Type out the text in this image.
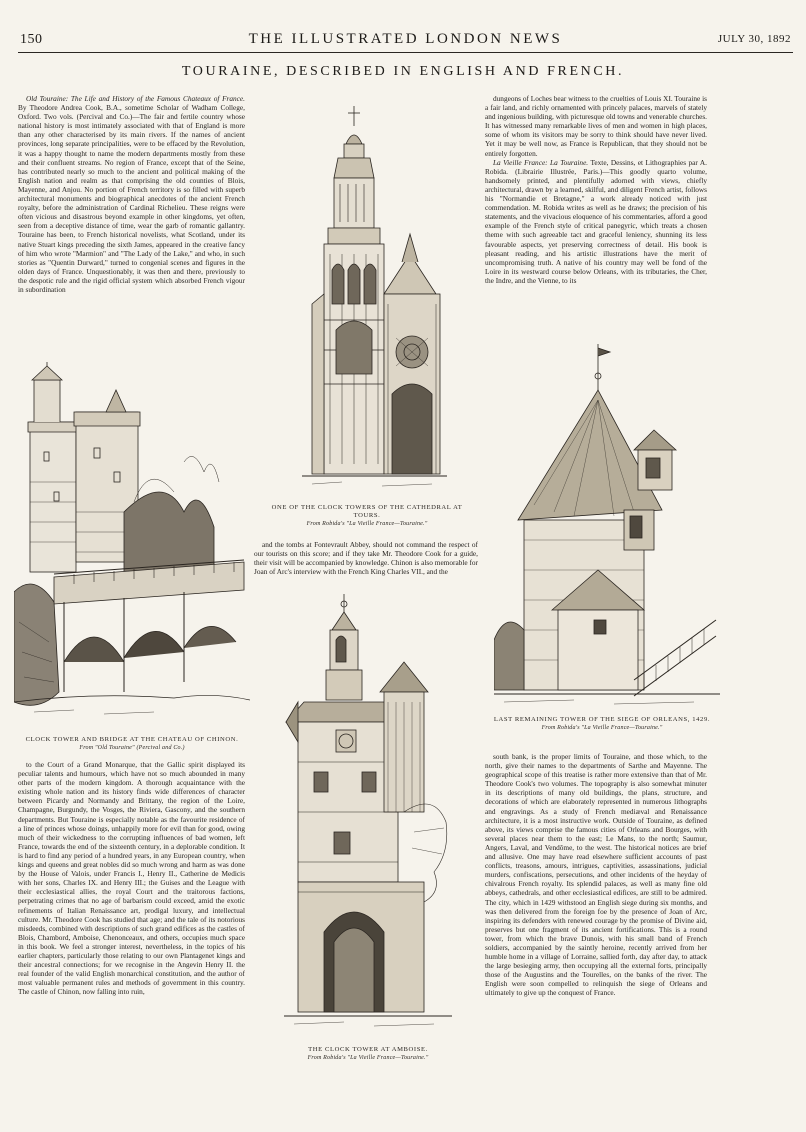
150	THE ILLUSTRATED LONDON NEWS	JULY 30, 1892
TOURAINE, DESCRIBED IN ENGLISH AND FRENCH.

Old Touraine: The Life and History of the Famous Chateaux of France. By Theodore Andrea Cook, B.A., sometime Scholar of Wadham College, Oxford. Two vols. (Percival and Co.)—The fair and fertile country whose national history is most intimately associated with that of England is more than any other characterised by its main rivers. If the names of ancient provinces, long separate principalities, were to be effaced by the Revolution, it was a happy thought to name the modern departments mostly from these and their confluent streams. No region of France, except that of the Seine, has contributed nearly so much to the ancient and political making of the English nation and realm as that comprising the old counties of Blois, Mayenne, and Anjou. No portion of French territory is so filled with superb architectural monuments and biographical anecdotes of the ancient French royalty, before the administration of Cardinal Richelieu. These reigns were often vicious and disastrous beyond example in other kingdoms, yet often, seen from a deceptive distance of time, wear the garb of romantic gallantry. Touraine has been, to French historical novelists, what Scotland, under its native Stuart kings preceding the sixth James, appeared in the creative fancy of him who wrote "Marmion" and "The Lady of the Lake," and who, in such stories as "Quentin Durward," turned to congenial scenes and figures in the olden days of France. Unquestionably, it was then and there, previously to the despotic rule and the rigid official system which absorbed French vigour in subordination

CLOCK TOWER AND BRIDGE AT THE CHATEAU OF CHINON.
From "Old Touraine" (Percival and Co.)

to the Court of a Grand Monarque, that the Gallic spirit displayed its peculiar talents and humours, which have not so much abounded in many other parts of the modern kingdom. A thorough acquaintance with the existing whole nation and its history finds wide differences of character between Picardy and Normandy and Brittany, the region of the Loire, Champagne, Burgundy, the Vosges, the Riviera, Gascony, and the southern departments. But Touraine is especially notable as the favourite residence of a line of princes whose doings, unhappily more for evil than for good, owing much of their wickedness to the corrupting influences of bad women, left France, towards the end of the sixteenth century, in a deplorable condition. It is hard to find any period of a hundred years, in any European country, when kings and queens and great nobles did so much wrong and harm as was done by the House of Valois, under Francis I., Henry II., Catherine de Medicis with her sons, Charles IX. and Henry III.; the Guises and the League with their ecclesiastical allies, the royal Court and the traitorous factions, perpetrating crimes that no age of barbarism could exceed, amid the exotic refinements of Italian Renaissance art, prodigal luxury, and intellectual culture. Mr. Theodore Cook has studied that age; and the tale of its notorious misdeeds, combined with descriptions of such grand edifices as the castles of Blois, Chambord, Amboise, Chenonceaux, and others, occupies much space in this book. We feel a stronger interest, nevertheless, in the topics of his earlier chapters, particularly those relating to our own Plantagenet kings and their ancestral connections; for we recognise in the Angevin Henry II. the real founder of the valid English monarchical constitution, and the author of most valuable permanent rules and methods of government in this country. The castle of Chinon, now falling into ruin,

ONE OF THE CLOCK TOWERS OF THE CATHEDRAL AT TOURS.
From Robida's "La Vieille France—Touraine."

and the tombs at Fontevrault Abbey, should not command the respect of our tourists on this score; and if they take Mr. Theodore Cook for a guide, their visit will be accompanied by knowledge. Chinon is also memorable for Joan of Arc's interview with the French King Charles VII., and the

THE CLOCK TOWER AT AMBOISE.
From Robida's "La Vieille France—Touraine."

dungeons of Loches bear witness to the cruelties of Louis XI. Touraine is a fair land, and richly ornamented with princely palaces, marvels of stately and ingenious building, with picturesque old towns and venerable churches. It has witnessed many remarkable lives of men and women in high places, some of whom its visitors may be sorry to think should have never lived. Yet it may be well now, as France is Republican, that they should not be entirely forgotten.

La Vieille France: La Touraine. Texte, Dessins, et Lithographies par A. Robida. (Librairie Illustrée, Paris.)—This goodly quarto volume, handsomely printed, and plentifully adorned with views, chiefly architectural, drawn by a learned, skilful, and diligent French artist, follows his "Normandie et Bretagne," a work already noticed with just commendation. M. Robida writes as well as he draws; the precision of his statements, and the vivacious eloquence of his commentaries, afford a good example of the French style of critical panegyric, which treats a chosen theme with such agreeable tact and graceful leniency, shunning its less favourable aspects, yet preserving correctness of detail. His book is pleasant reading, and his artistic illustrations have the merit of uncompromising truth. A native of his country may well be fond of the Loire in its westward course below Orleans, with its tributaries, the Cher, the Indre, and the Vienne, to its

LAST REMAINING TOWER OF THE SIEGE OF ORLEANS, 1429.
From Robida's "La Vieille France—Touraine."

south bank, is the proper limits of Touraine, and those which, to the north, give their names to the departments of Sarthe and Mayenne. The geographical scope of this treatise is rather more extensive than that of Mr. Theodore Cook's two volumes. The topography is also somewhat minuter in its descriptions of many old buildings, the plans, structure, and decorations of which are elaborately represented in numerous lithographs and engravings. As a study of French mediæval and Renaissance architecture, it is a most instructive work. Outside of Touraine, as defined above, its views comprise the famous cities of Orleans and Bourges, with several places near them to the east; Le Mans, to the north; Saumur, Angers, Laval, and Vendôme, to the west. The historical notices are brief and allusive. One may have read elsewhere sufficient accounts of past conflicts, treasons, amours, intrigues, captivities, assassinations, judicial murders, confiscations, persecutions, and other incidents of the heyday of chivalrous French royalty. Its splendid palaces, as well as many fine old abbeys, cathedrals, and other ecclesiastical edifices, are still to be admired. The city, which in 1429 withstood an English siege during six months, and was then delivered from the foreign foe by the presence of Joan of Arc, inspiring its defenders with renewed courage by the promise of Divine aid, preserves but one fragment of its ancient fortifications. This is a round tower, from which the brave Dunois, with his small band of French soldiers, accompanied by the saintly heroine, recently arrived from her humble home in a village of Lorraine, sallied forth, day after day, to attack the large besieging army, then occupying all the external forts, principally those of the Augustins and the Tourelles, on the banks of the river. The English were soon compelled to relinquish the siege of Orleans and ultimately to give up the conquest of France.
